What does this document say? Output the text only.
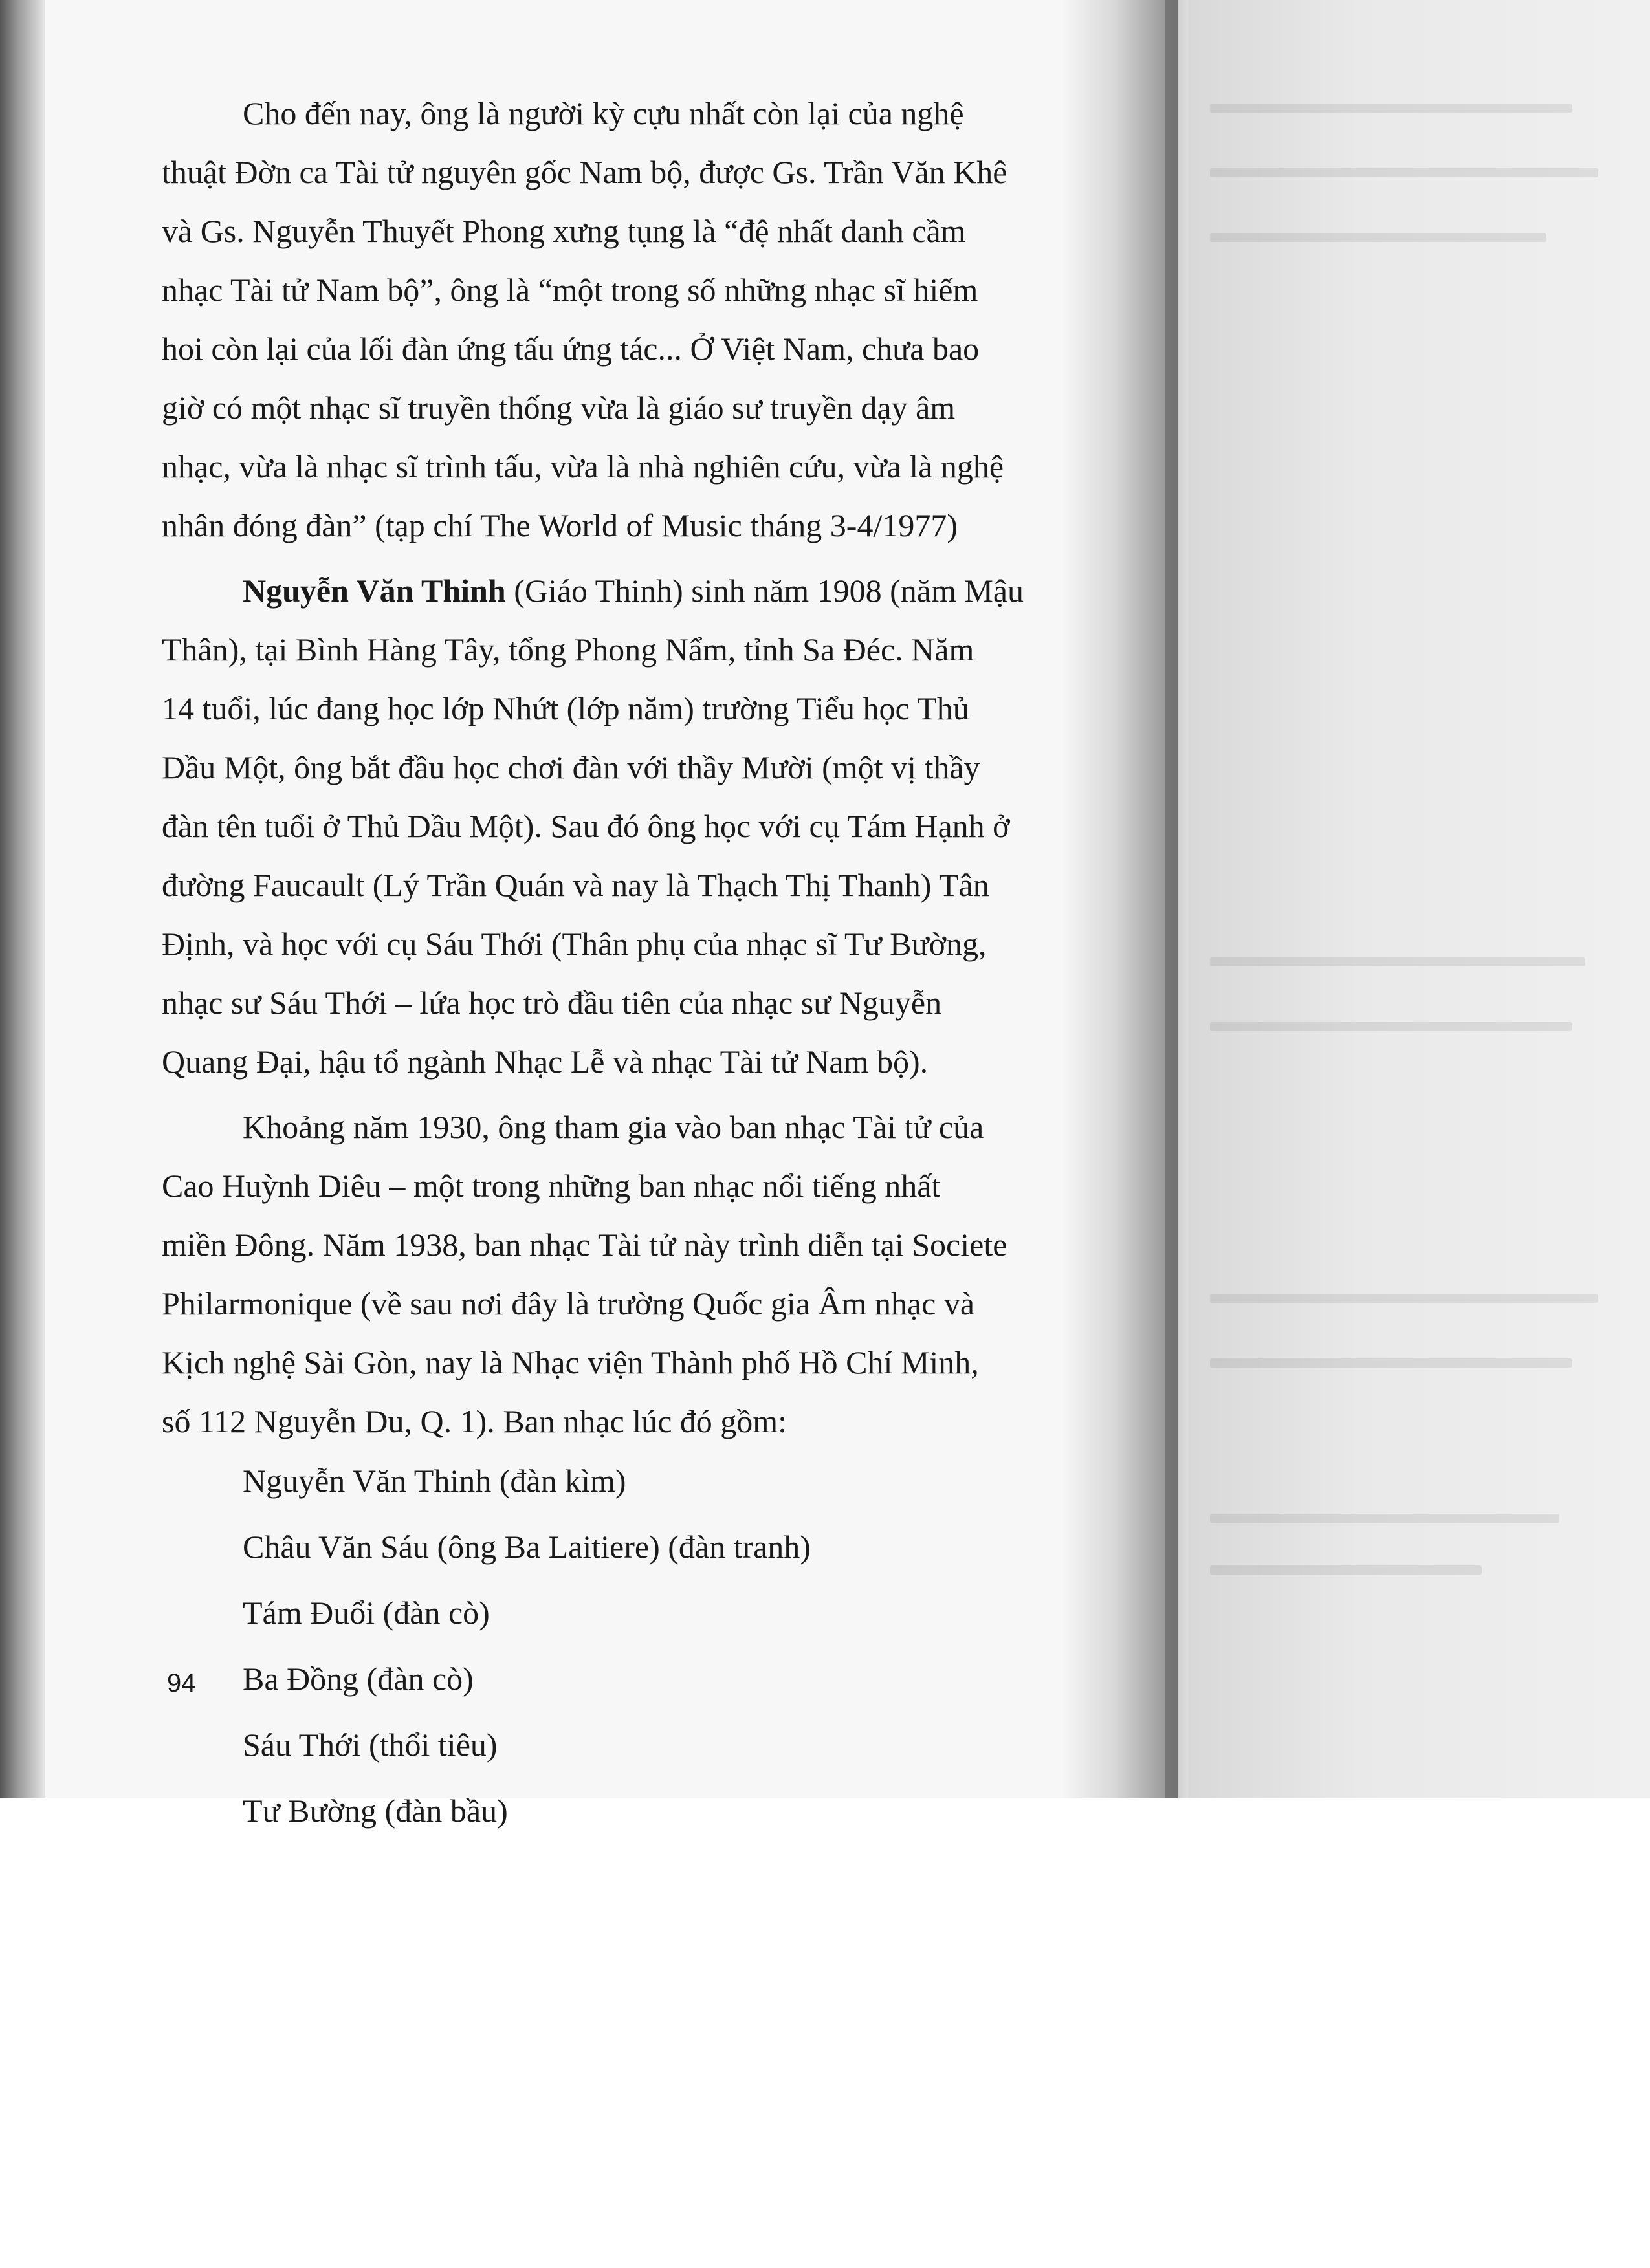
Cho đến nay, ông là người kỳ cựu nhất còn lại của nghệ
thuật Đờn ca Tài tử nguyên gốc Nam bộ, được Gs. Trần Văn Khê
và Gs. Nguyễn Thuyết Phong xưng tụng là “đệ nhất danh cầm
nhạc Tài tử Nam bộ”, ông là “một trong số những nhạc sĩ hiếm
hoi còn lại của lối đàn ứng tấu ứng tác... Ở Việt Nam, chưa bao
giờ có một nhạc sĩ truyền thống vừa là giáo sư truyền dạy âm
nhạc, vừa là nhạc sĩ trình tấu, vừa là nhà nghiên cứu, vừa là nghệ
nhân đóng đàn” (tạp chí The World of Music tháng 3-4/1977)

Nguyễn Văn Thinh (Giáo Thinh) sinh năm 1908 (năm Mậu
Thân), tại Bình Hàng Tây, tổng Phong Nẩm, tỉnh Sa Đéc. Năm
14 tuổi, lúc đang học lớp Nhứt (lớp năm) trường Tiểu học Thủ
Dầu Một, ông bắt đầu học chơi đàn với thầy Mười (một vị thầy
đàn tên tuổi ở Thủ Dầu Một). Sau đó ông học với cụ Tám Hạnh ở
đường Faucault (Lý Trần Quán và nay là Thạch Thị Thanh) Tân
Định, và học với cụ Sáu Thới (Thân phụ của nhạc sĩ Tư Bường,
nhạc sư Sáu Thới – lứa học trò đầu tiên của nhạc sư Nguyễn
Quang Đại, hậu tổ ngành Nhạc Lễ và nhạc Tài tử Nam bộ).

Khoảng năm 1930, ông tham gia vào ban nhạc Tài tử của
Cao Huỳnh Diêu – một trong những ban nhạc nổi tiếng nhất
miền Đông. Năm 1938, ban nhạc Tài tử này trình diễn tại Societe
Philarmonique (về sau nơi đây là trường Quốc gia Âm nhạc và
Kịch nghệ Sài Gòn, nay là Nhạc viện Thành phố Hồ Chí Minh,
số 112 Nguyễn Du, Q. 1). Ban nhạc lúc đó gồm:

Nguyễn Văn Thinh (đàn kìm)
Châu Văn Sáu (ông Ba Laitiere) (đàn tranh)
Tám Đuổi (đàn cò)
Ba Đồng (đàn cò)
Sáu Thới (thổi tiêu)
Tư Bường (đàn bầu)
94
